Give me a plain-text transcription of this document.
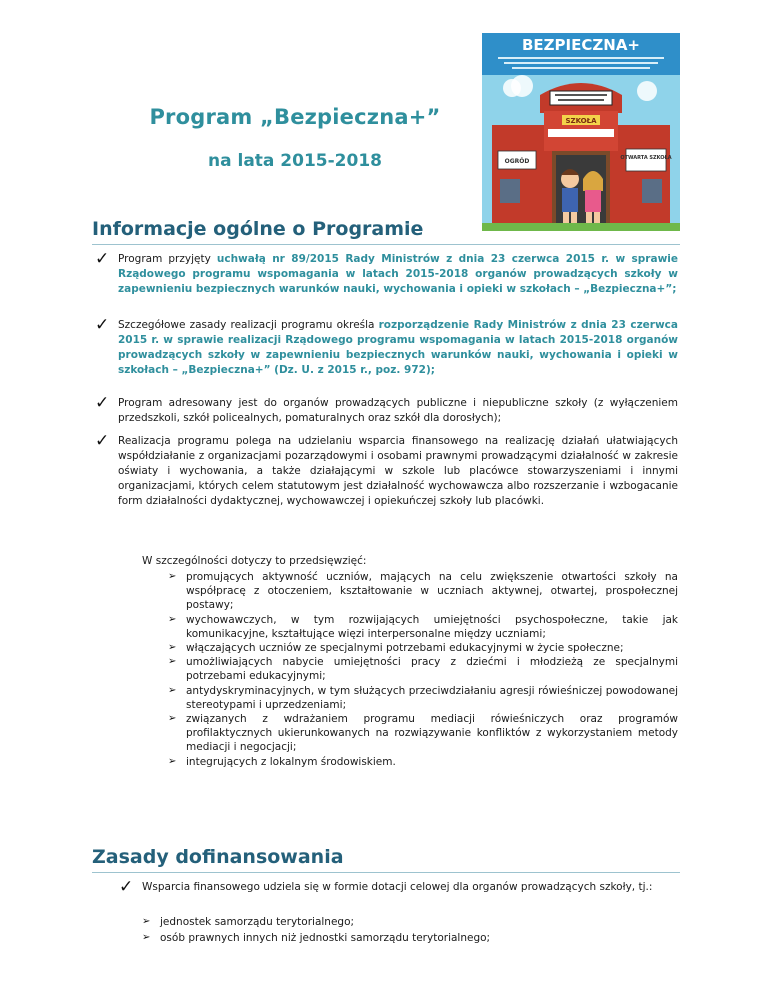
Program „Bezpieczna+”
na lata 2015-2018
BEZPIECZNA+
SZKOŁA
OGRÓD	OTWARTA SZKOŁA
Informacje ogólne o Programie
✓ Program przyjęty uchwałą nr 89/2015 Rady Ministrów z dnia 23 czerwca 2015 r. w sprawie Rządowego programu wspomagania w latach 2015-2018 organów prowadzących szkoły w zapewnieniu bezpiecznych warunków nauki, wychowania i opieki w szkołach – „Bezpieczna+”;

✓ Szczegółowe zasady realizacji programu określa rozporządzenie Rady Ministrów z dnia 23 czerwca 2015 r. w sprawie realizacji Rządowego programu wspomagania w latach 2015-2018 organów prowadzących szkoły w zapewnieniu bezpiecznych warunków nauki, wychowania i opieki w szkołach – „Bezpieczna+” (Dz. U. z 2015 r., poz. 972);

✓ Program adresowany jest do organów prowadzących publiczne i niepubliczne szkoły (z wyłączeniem przedszkoli, szkół policealnych, pomaturalnych oraz szkół dla dorosłych);

✓ Realizacja programu polega na udzielaniu wsparcia finansowego na realizację działań ułatwiających współdziałanie z organizacjami pozarządowymi i osobami prawnymi prowadzącymi działalność w zakresie oświaty i wychowania, a także działającymi w szkole lub placówce stowarzyszeniami i innymi organizacjami, których celem statutowym jest działalność wychowawcza albo rozszerzanie i wzbogacanie form działalności dydaktycznej, wychowawczej i opiekuńczej szkoły lub placówki.

W szczególności dotyczy to przedsięwzięć:
➢ promujących aktywność uczniów, mających na celu zwiększenie otwartości szkoły na współpracę z otoczeniem, kształtowanie w uczniach aktywnej, otwartej, prospołecznej postawy;
➢ wychowawczych, w tym rozwijających umiejętności psychospołeczne, takie jak komunikacyjne, kształtujące więzi interpersonalne między uczniami;
➢ włączających uczniów ze specjalnymi potrzebami edukacyjnymi w życie społeczne;
➢ umożliwiających nabycie umiejętności pracy z dziećmi i młodzieżą ze specjalnymi potrzebami edukacyjnymi;
➢ antydyskryminacyjnych, w tym służących przeciwdziałaniu agresji rówieśniczej powodowanej stereotypami i uprzedzeniami;
➢ związanych z wdrażaniem programu mediacji rówieśniczych oraz programów profilaktycznych ukierunkowanych na rozwiązywanie konfliktów z wykorzystaniem metody mediacji i negocjacji;
➢ integrujących z lokalnym środowiskiem.
Zasady dofinansowania
✓ Wsparcia finansowego udziela się w formie dotacji celowej dla organów prowadzących szkoły, tj.:

➢ jednostek samorządu terytorialnego;
➢ osób prawnych innych niż jednostki samorządu terytorialnego;
